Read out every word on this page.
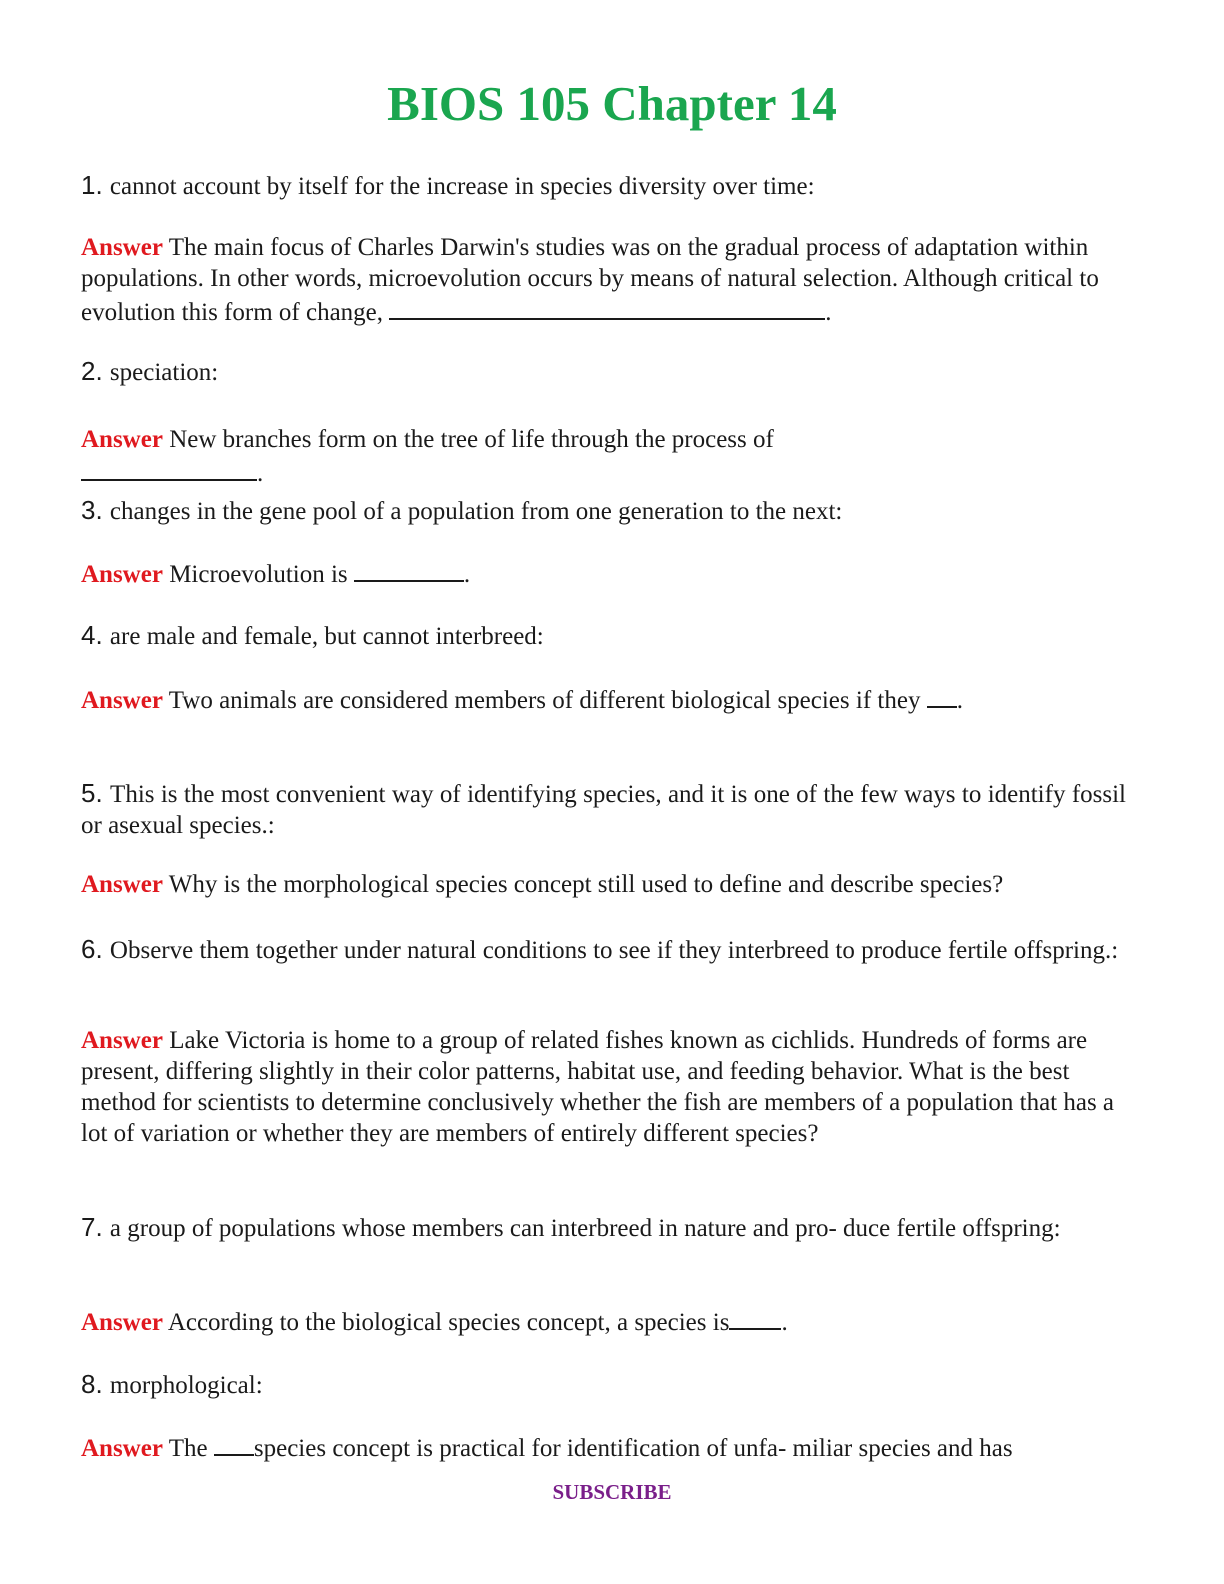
BIOS 105 Chapter 14

1. cannot account by itself for the increase in species diversity over time:

Answer The main focus of Charles Darwin's studies was on the gradual process of adaptation within populations. In other words, microevolution occurs by means of natural selection. Although critical to evolution this form of change,	.

2. speciation:

Answer New branches form on the tree of life through the process of .

3. changes in the gene pool of a population from one generation to the next:

Answer Microevolution is	.

4. are male and female, but cannot interbreed:

Answer Two animals are considered members of different biological species if they .

5. This is the most convenient way of identifying species, and it is one of the few ways to identify fossil or asexual species.:

Answer Why is the morphological species concept still used to define and describe species?

6. Observe them together under natural conditions to see if they interbreed to produce fertile offspring.:

Answer Lake Victoria is home to a group of related fishes known as cichlids. Hundreds of forms are present, differing slightly in their color patterns, habitat use, and feeding behavior. What is the best method for scientists to determine conclusively whether the fish are members of a population that has a lot of variation or whether they are members of entirely different species?

7. a group of populations whose members can interbreed in nature and pro- duce fertile offspring:

Answer According to the biological species concept, a species is .

8. morphological:

Answer The species concept is practical for identification of unfa- miliar species and has

SUBSCRIBE
